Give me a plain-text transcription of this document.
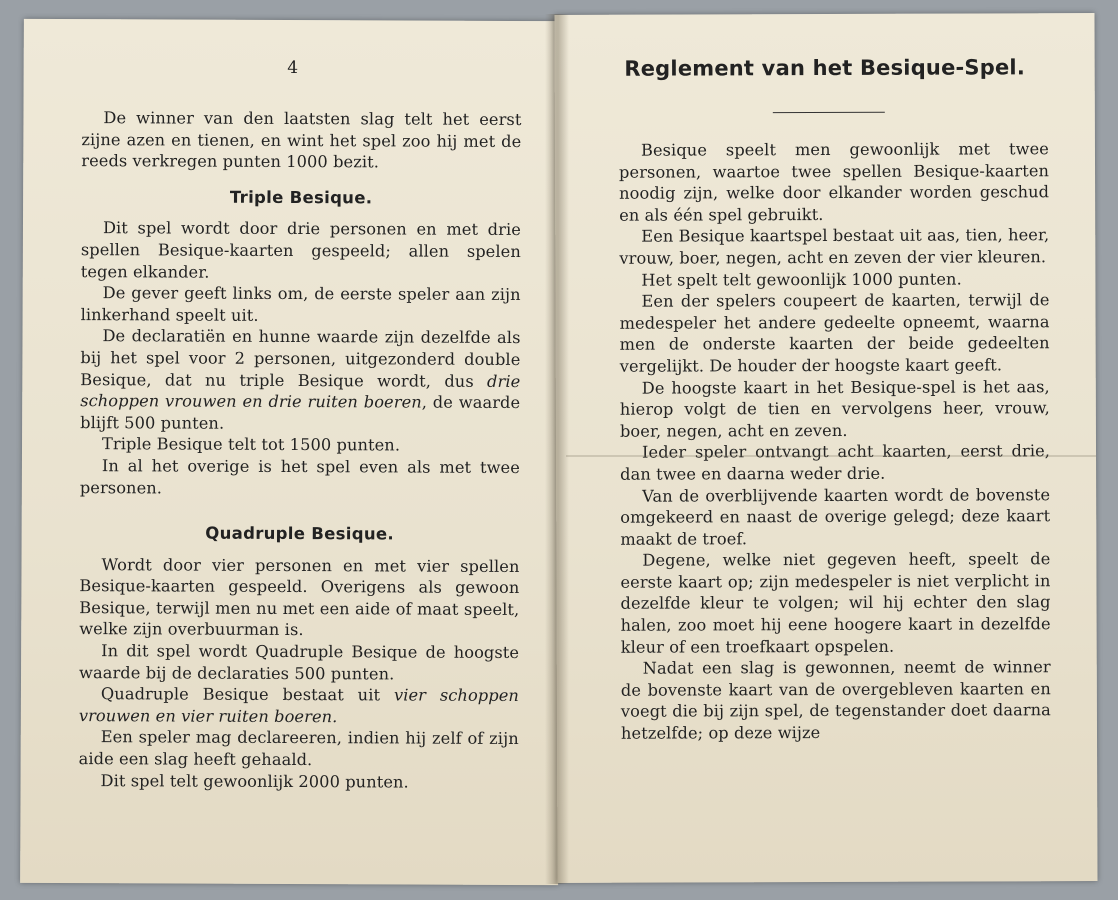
4

De winner van den laatsten slag telt het eerst zijne azen en tienen, en wint het spel zoo hij met de reeds verkregen punten 1000 bezit.

Triple Besique.

Dit spel wordt door drie personen en met drie spellen Besique-kaarten gespeeld; allen spelen tegen elkander.

De gever geeft links om, de eerste speler aan zijn linkerhand speelt uit.

De declaratiën en hunne waarde zijn dezelfde als bij het spel voor 2 personen, uitgezonderd double Besique, dat nu triple Besique wordt, dus drie schoppen vrouwen en drie ruiten boeren, de waarde blijft 500 punten.

Triple Besique telt tot 1500 punten.

In al het overige is het spel even als met twee personen.

Quadruple Besique.

Wordt door vier personen en met vier spellen Besique-kaarten gespeeld. Overigens als gewoon Besique, terwijl men nu met een aide of maat speelt, welke zijn overbuurman is.

In dit spel wordt Quadruple Besique de hoogste waarde bij de declaraties 500 punten.

Quadruple Besique bestaat uit vier schoppen vrouwen en vier ruiten boeren.

Een speler mag declareeren, indien hij zelf of zijn aide een slag heeft gehaald.

Dit spel telt gewoonlijk 2000 punten.

Reglement van het Besique-Spel.

Besique speelt men gewoonlijk met twee personen, waartoe twee spellen Besique-kaarten noodig zijn, welke door elkander worden geschud en als één spel gebruikt.

Een Besique kaartspel bestaat uit aas, tien, heer, vrouw, boer, negen, acht en zeven der vier kleuren.

Het spelt telt gewoonlijk 1000 punten.

Een der spelers coupeert de kaarten, terwijl de medespeler het andere gedeelte opneemt, waarna men de onderste kaarten der beide gedeelten vergelijkt. De houder der hoogste kaart geeft.

De hoogste kaart in het Besique-spel is het aas, hierop volgt de tien en vervolgens heer, vrouw, boer, negen, acht en zeven.

Ieder speler ontvangt acht kaarten, eerst drie, dan twee en daarna weder drie.

Van de overblijvende kaarten wordt de bovenste omgekeerd en naast de overige gelegd; deze kaart maakt de troef.

Degene, welke niet gegeven heeft, speelt de eerste kaart op; zijn medespeler is niet verplicht in dezelfde kleur te volgen; wil hij echter den slag halen, zoo moet hij eene hoogere kaart in dezelfde kleur of een troefkaart opspelen.

Nadat een slag is gewonnen, neemt de winner de bovenste kaart van de overgebleven kaarten en voegt die bij zijn spel, de tegenstander doet daarna hetzelfde; op deze wijze
